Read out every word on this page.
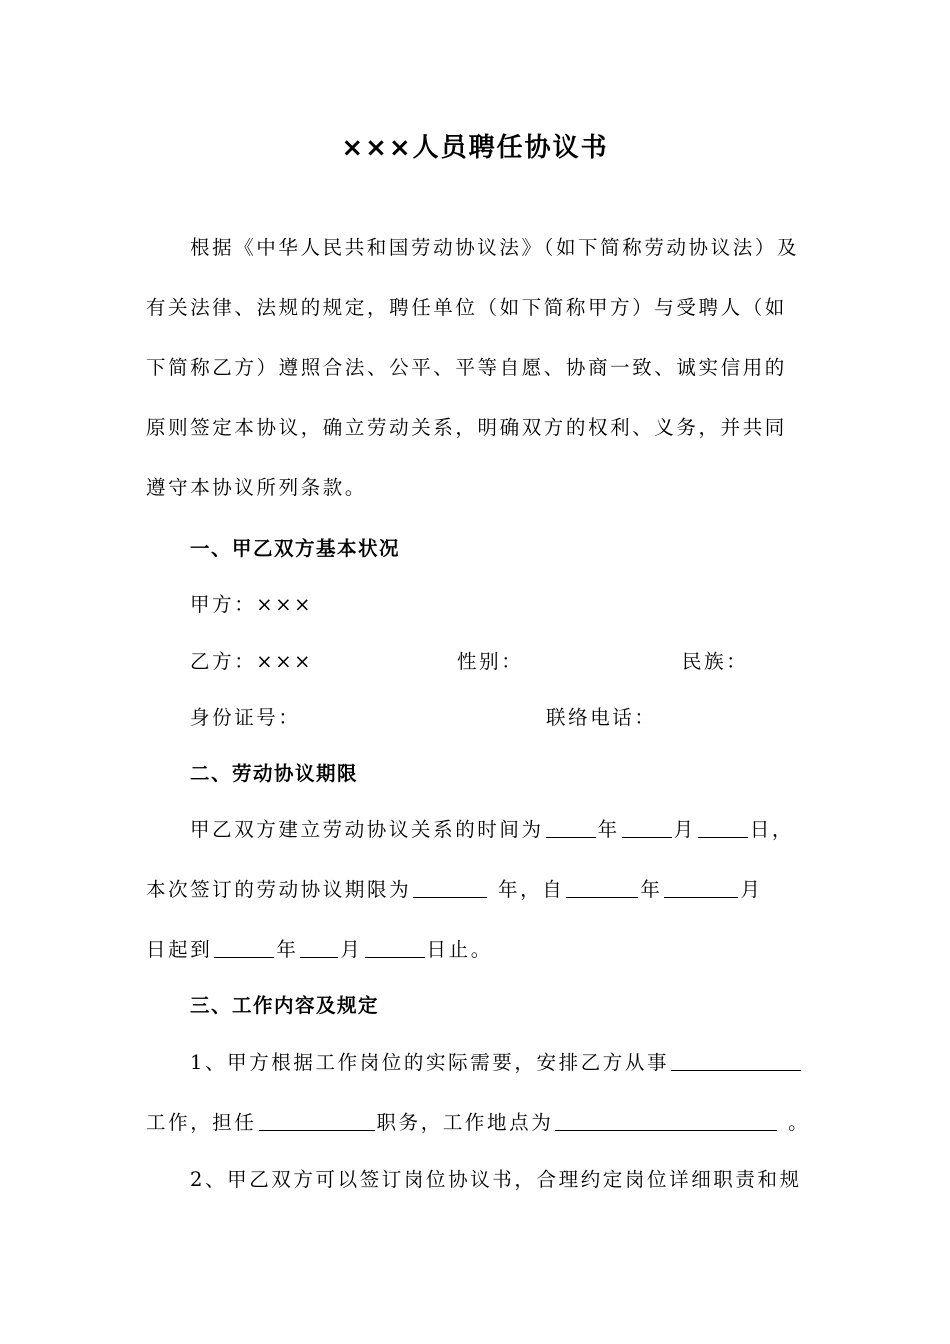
×××人员聘任协议书
根据《中华人民共和国劳动协议法》（如下简称劳动协议法）及有关法律、法规的规定，聘任单位（如下简称甲方）与受聘人（如下简称乙方）遵照合法、公平、平等自愿、协商一致、诚实信用的原则签定本协议，确立劳动关系，明确双方的权利、义务，并共同遵守本协议所列条款。
一、甲乙双方基本状况
甲方：×××
乙方：×××	性别：	民族：
身份证号：	联络电话：
二、劳动协议期限
甲乙双方建立劳动协议关系的时间为	年	月	日，
本次签订的劳动协议期限为	年，自	年	月
日起到	年 月	日止。
三、工作内容及规定
1、甲方根据工作岗位的实际需要，安排乙方从事
工作，担任	职务，工作地点为	。
2、甲乙双方可以签订岗位协议书，合理约定岗位详细职责和规
